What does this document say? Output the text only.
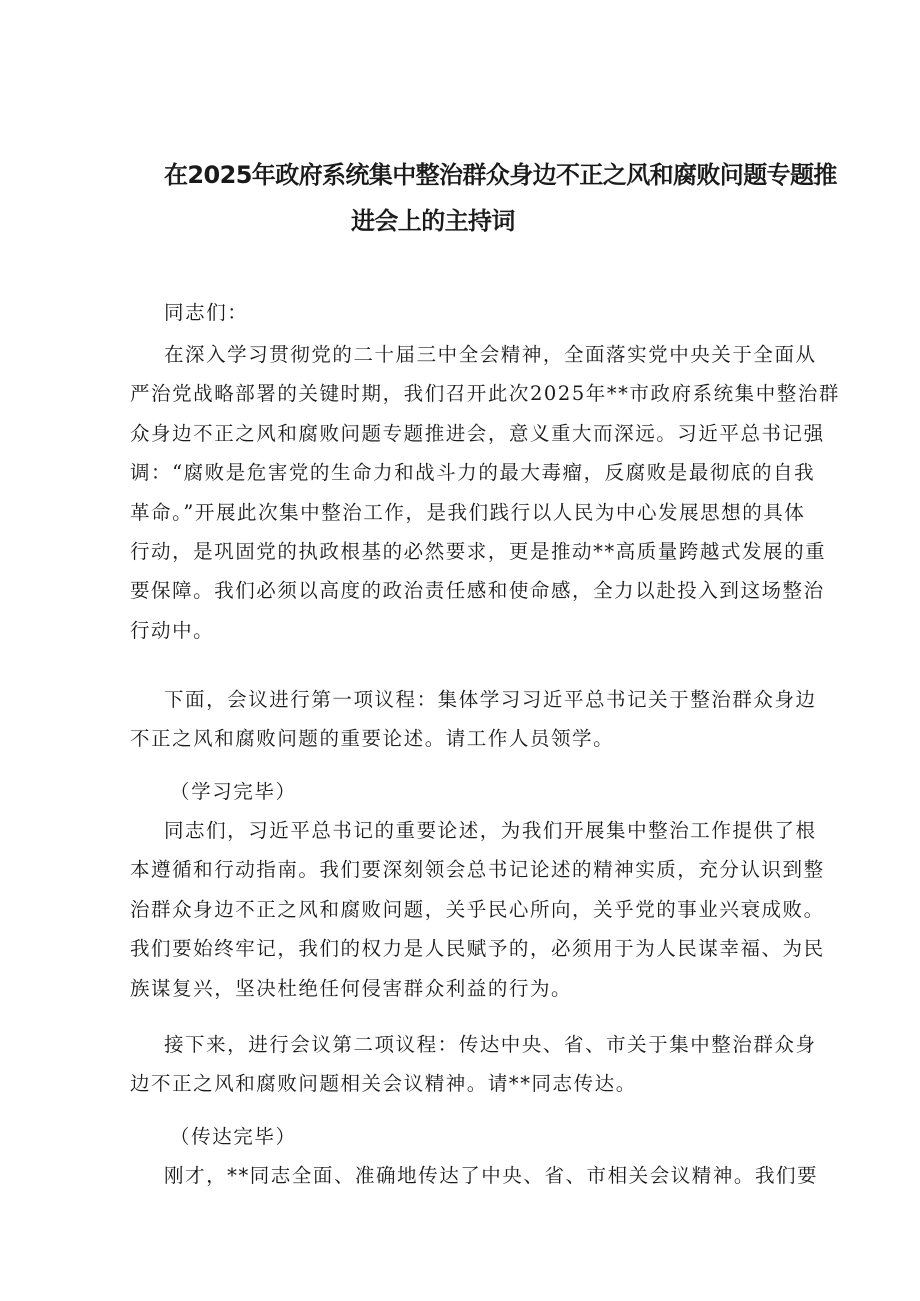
在2025年政府系统集中整治群众身边不正之风和腐败问题专题推
进会上的主持词
同志们：
在深入学习贯彻党的二十届三中全会精神，全面落实党中央关于全面从
严治党战略部署的关键时期，我们召开此次2025年**市政府系统集中整治群
众身边不正之风和腐败问题专题推进会，意义重大而深远。习近平总书记强
调：“腐败是危害党的生命力和战斗力的最大毒瘤，反腐败是最彻底的自我
革命。”开展此次集中整治工作，是我们践行以人民为中心发展思想的具体
行动，是巩固党的执政根基的必然要求，更是推动**高质量跨越式发展的重
要保障。我们必须以高度的政治责任感和使命感，全力以赴投入到这场整治
行动中。
下面，会议进行第一项议程：集体学习习近平总书记关于整治群众身边
不正之风和腐败问题的重要论述。请工作人员领学。
（学习完毕）
同志们，习近平总书记的重要论述，为我们开展集中整治工作提供了根
本遵循和行动指南。我们要深刻领会总书记论述的精神实质，充分认识到整
治群众身边不正之风和腐败问题，关乎民心所向，关乎党的事业兴衰成败。
我们要始终牢记，我们的权力是人民赋予的，必须用于为人民谋幸福、为民
族谋复兴，坚决杜绝任何侵害群众利益的行为。
接下来，进行会议第二项议程：传达中央、省、市关于集中整治群众身
边不正之风和腐败问题相关会议精神。请**同志传达。
（传达完毕）
刚才，**同志全面、准确地传达了中央、省、市相关会议精神。我们要
